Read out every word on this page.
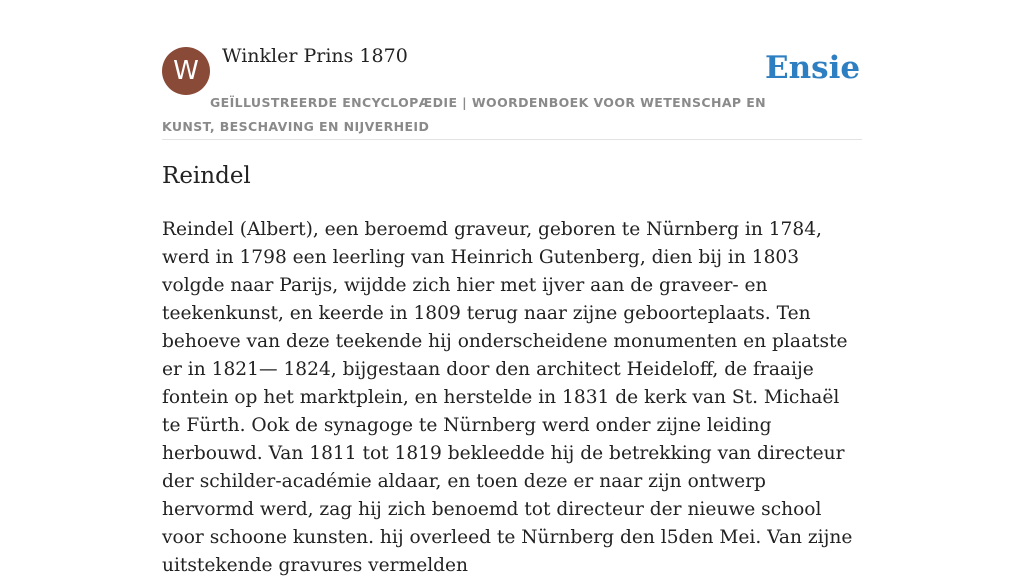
W Winkler Prins 1870	Ensie
GEÏLLUSTREERDE ENCYCLOPÆDIE | WOORDENBOEK VOOR WETENSCHAP EN KUNST, BESCHAVING EN NIJVERHEID
Reindel

Reindel (Albert), een beroemd graveur, geboren te Nürnberg in 1784, werd in 1798 een leerling van Heinrich Gutenberg, dien bij in 1803 volgde naar Parijs, wijdde zich hier met ijver aan de graveer- en teekenkunst, en keerde in 1809 terug naar zijne geboorteplaats. Ten behoeve van deze teekende hij onderscheidene monumenten en plaatste er in 1821— 1824, bijgestaan door den architect Heideloff, de fraaije fontein op het marktplein, en herstelde in 1831 de kerk van St. Michaël te Fürth. Ook de synagoge te Nürnberg werd onder zijne leiding herbouwd. Van 1811 tot 1819 bekleedde hij de betrekking van directeur der schilder-académie aldaar, en toen deze er naar zijn ontwerp hervormd werd, zag hij zich benoemd tot directeur der nieuwe school voor schoone kunsten. hij overleed te Nürnberg den l5den Mei. Van zijne uitstekende gravures vermelden
